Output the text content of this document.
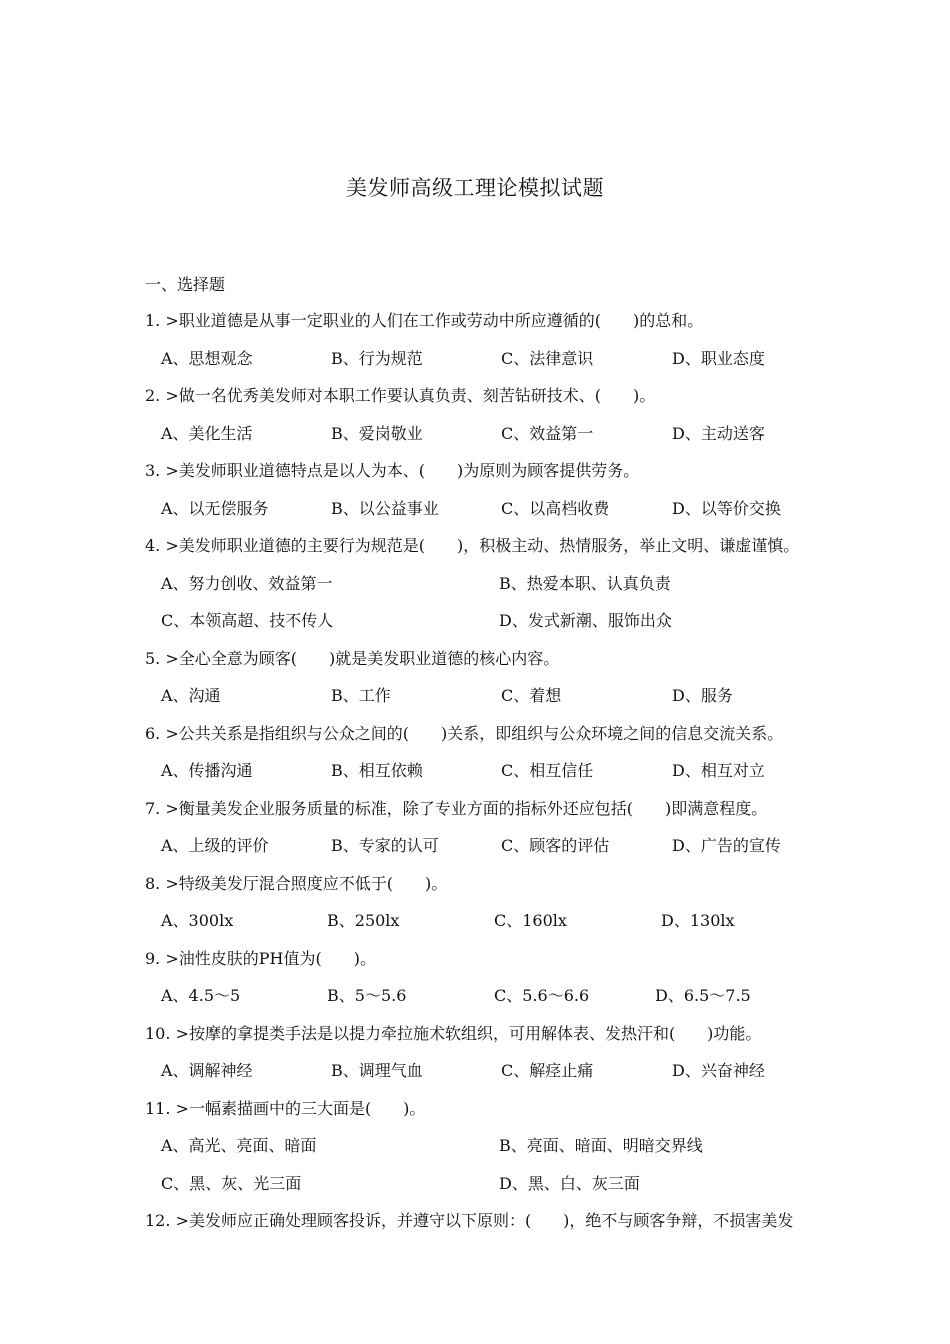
美发师高级工理论模拟试题
一、选择题
1. >职业道德是从事一定职业的人们在工作或劳动中所应遵循的(　　)的总和。
A、思想观念	B、行为规范	C、法律意识	D、职业态度
2. >做一名优秀美发师对本职工作要认真负责、刻苦钻研技术、(　　)。
A、美化生活	B、爱岗敬业	C、效益第一	D、主动送客
3. >美发师职业道德特点是以人为本、(　　)为原则为顾客提供劳务。
A、以无偿服务	B、以公益事业	C、以高档收费	D、以等价交换
4. >美发师职业道德的主要行为规范是(　　)，积极主动、热情服务，举止文明、谦虚谨慎。
A、努力创收、效益第一	B、热爱本职、认真负责
C、本领高超、技不传人	D、发式新潮、服饰出众
5. >全心全意为顾客(　　)就是美发职业道德的核心内容。
A、沟通	B、工作	C、着想	D、服务
6. >公共关系是指组织与公众之间的(　　)关系，即组织与公众环境之间的信息交流关系。
A、传播沟通	B、相互依赖	C、相互信任	D、相互对立
7. >衡量美发企业服务质量的标准，除了专业方面的指标外还应包括(　　)即满意程度。
A、上级的评价	B、专家的认可	C、顾客的评估	D、广告的宣传
8. >特级美发厅混合照度应不低于(　　)。
A、300lx	B、250lx	C、160lx	D、130lx
9. >油性皮肤的PH值为(　　)。
A、4.5～5	B、5～5.6	C、5.6～6.6	D、6.5～7.5
10. >按摩的拿提类手法是以提力牵拉施术软组织，可用解体表、发热汗和(　　)功能。
A、调解神经	B、调理气血	C、解痉止痛	D、兴奋神经
11. >一幅素描画中的三大面是(　　)。
A、高光、亮面、暗面	B、亮面、暗面、明暗交界线
C、黑、灰、光三面	D、黑、白、灰三面
12. >美发师应正确处理顾客投诉，并遵守以下原则：(　　)，绝不与顾客争辩，不损害美发
